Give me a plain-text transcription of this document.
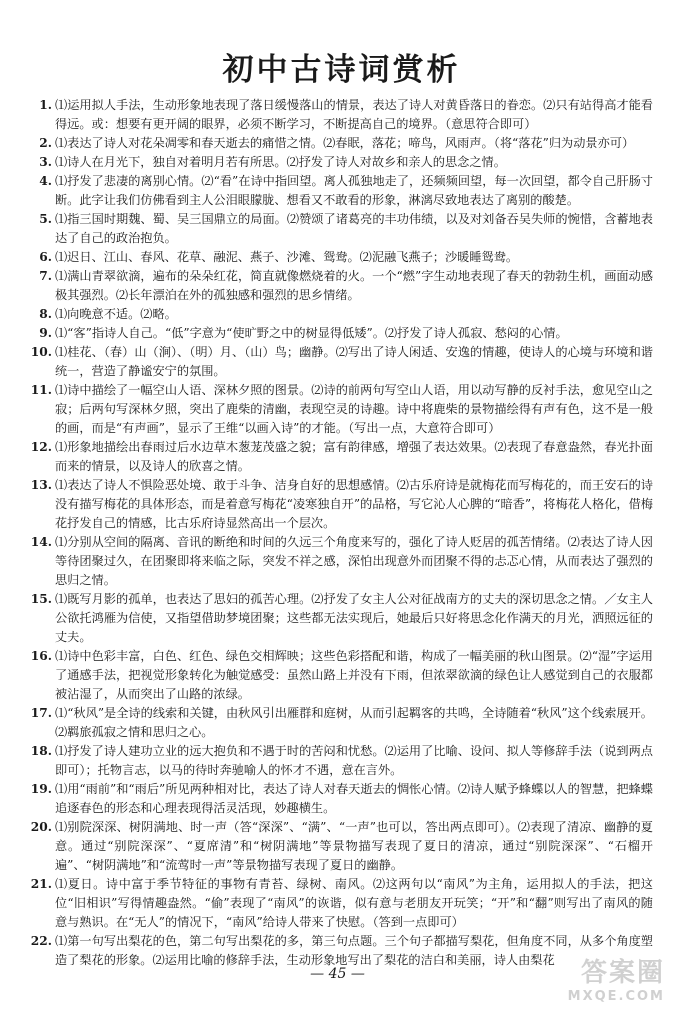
初中古诗词赏析
1. ⑴运用拟人手法，生动形象地表现了落日缓慢落山的情景，表达了诗人对黄昏落日的眷恋。⑵只有站得高才能看得远。或：想要有更开阔的眼界，必须不断学习，不断提高自己的境界。（意思符合即可）
2. ⑴表达了诗人对花朵凋零和春天逝去的痛惜之情。⑵春眠，落花；啼鸟，风雨声。（将“落花”归为动景亦可）
3. ⑴诗人在月光下，独自对着明月若有所思。⑵抒发了诗人对故乡和亲人的思念之情。
4. ⑴抒发了悲凄的离别心情。⑵“看”在诗中指回望。离人孤独地走了，还频频回望，每一次回望，都令自己肝肠寸断。此字让我们仿佛看到主人公泪眼朦胧、想看又不敢看的形象，淋漓尽致地表达了离别的酸楚。
5. ⑴指三国时期魏、蜀、吴三国鼎立的局面。⑵赞颂了诸葛亮的丰功伟绩，以及对刘备吞吴失师的惋惜，含蓄地表达了自己的政治抱负。
6. ⑴迟日、江山、春风、花草、融泥、燕子、沙滩、鸳鸯。⑵泥融飞燕子；沙暖睡鸳鸯。
7. ⑴满山青翠欲滴，遍布的朵朵红花，简直就像燃烧着的火。一个“燃”字生动地表现了春天的勃勃生机，画面动感极其强烈。⑵长年漂泊在外的孤独感和强烈的思乡情绪。
8. ⑴向晚意不适。⑵略。
9. ⑴“客”指诗人自己。“低”字意为“使旷野之中的树显得低矮”。⑵抒发了诗人孤寂、愁闷的心情。
10. ⑴桂花、（春）山（涧）、（明）月、（山）鸟；幽静。⑵写出了诗人闲适、安逸的情趣，使诗人的心境与环境和谐统一，营造了静谧安宁的氛围。
11. ⑴诗中描绘了一幅空山人语、深林夕照的图景。⑵诗的前两句写空山人语，用以动写静的反衬手法，愈见空山之寂；后两句写深林夕照，突出了鹿柴的清幽，表现空灵的诗趣。诗中将鹿柴的景物描绘得有声有色，这不是一般的画，而是“有声画”，显示了王维“以画入诗”的才能。（写出一点，大意符合即可）
12. ⑴形象地描绘出春雨过后水边草木葱茏茂盛之貌；富有韵律感，增强了表达效果。⑵表现了春意盎然，春光扑面而来的情景，以及诗人的欣喜之情。
13. ⑴表达了诗人不惧险恶处境、敢于斗争、洁身自好的思想感情。⑵古乐府诗是就梅花而写梅花的，而王安石的诗没有描写梅花的具体形态，而是着意写梅花“凌寒独自开”的品格，写它沁人心脾的“暗香”，将梅花人格化，借梅花抒发自己的情感，比古乐府诗显然高出一个层次。
14. ⑴分别从空间的隔离、音讯的断绝和时间的久远三个角度来写的，强化了诗人贬居的孤苦情绪。⑵表达了诗人因等待团聚过久，在团聚即将来临之际，突发不祥之感，深怕出现意外而团聚不得的忐忑心情，从而表达了强烈的思归之情。
15. ⑴既写月影的孤单，也表达了思妇的孤苦心理。⑵抒发了女主人公对征战南方的丈夫的深切思念之情。／女主人公欲托鸿雁为信使，又指望借助梦境团聚；这些都无法实现后，她最后只好将思念化作满天的月光，洒照远征的丈夫。
16. ⑴诗中色彩丰富，白色、红色、绿色交相辉映；这些色彩搭配和谐，构成了一幅美丽的秋山图景。⑵“湿”字运用了通感手法，把视觉形象转化为触觉感受：虽然山路上并没有下雨，但浓翠欲滴的绿色让人感觉到自己的衣服都被沾湿了，从而突出了山路的浓绿。
17. ⑴“秋风”是全诗的线索和关键，由秋风引出雁群和庭树，从而引起羁客的共鸣，全诗随着“秋风”这个线索展开。⑵羁旅孤寂之情和思归之心。
18. ⑴抒发了诗人建功立业的远大抱负和不遇于时的苦闷和忧愁。⑵运用了比喻、设问、拟人等修辞手法（说到两点即可）；托物言志，以马的待时奔驰喻人的怀才不遇，意在言外。
19. ⑴用“雨前”和“雨后”所见两种相对比，表达了诗人对春天逝去的惆怅心情。⑵诗人赋予蜂蝶以人的智慧，把蜂蝶追逐春色的形态和心理表现得活灵活现，妙趣横生。
20. ⑴别院深深、树阴满地、时一声（答“深深”、“满”、“一声”也可以，答出两点即可）。⑵表现了清凉、幽静的夏意。通过“别院深深”、“夏席清”和“树阴满地”等景物描写表现了夏日的清凉，通过“别院深深”、“石榴开遍”、“树阴满地”和“流莺时一声”等景物描写表现了夏日的幽静。
21. ⑴夏日。诗中富于季节特征的事物有青苔、绿树、南风。⑵这两句以“南风”为主角，运用拟人的手法，把这位“旧相识”写得情趣盎然。“偷”表现了“南风”的诙谐，似有意与老朋友开玩笑；“开”和“翻”则写出了南风的随意与熟识。在“无人”的情况下，“南风”给诗人带来了快慰。（答到一点即可）
22. ⑴第一句写出梨花的色，第二句写出梨花的多，第三句点题。三个句子都描写梨花，但角度不同，从多个角度塑造了梨花的形象。⑵运用比喻的修辞手法，生动形象地写出了梨花的洁白和美丽，诗人由梨花
— 45 —	答案圈
MXQE.COM
